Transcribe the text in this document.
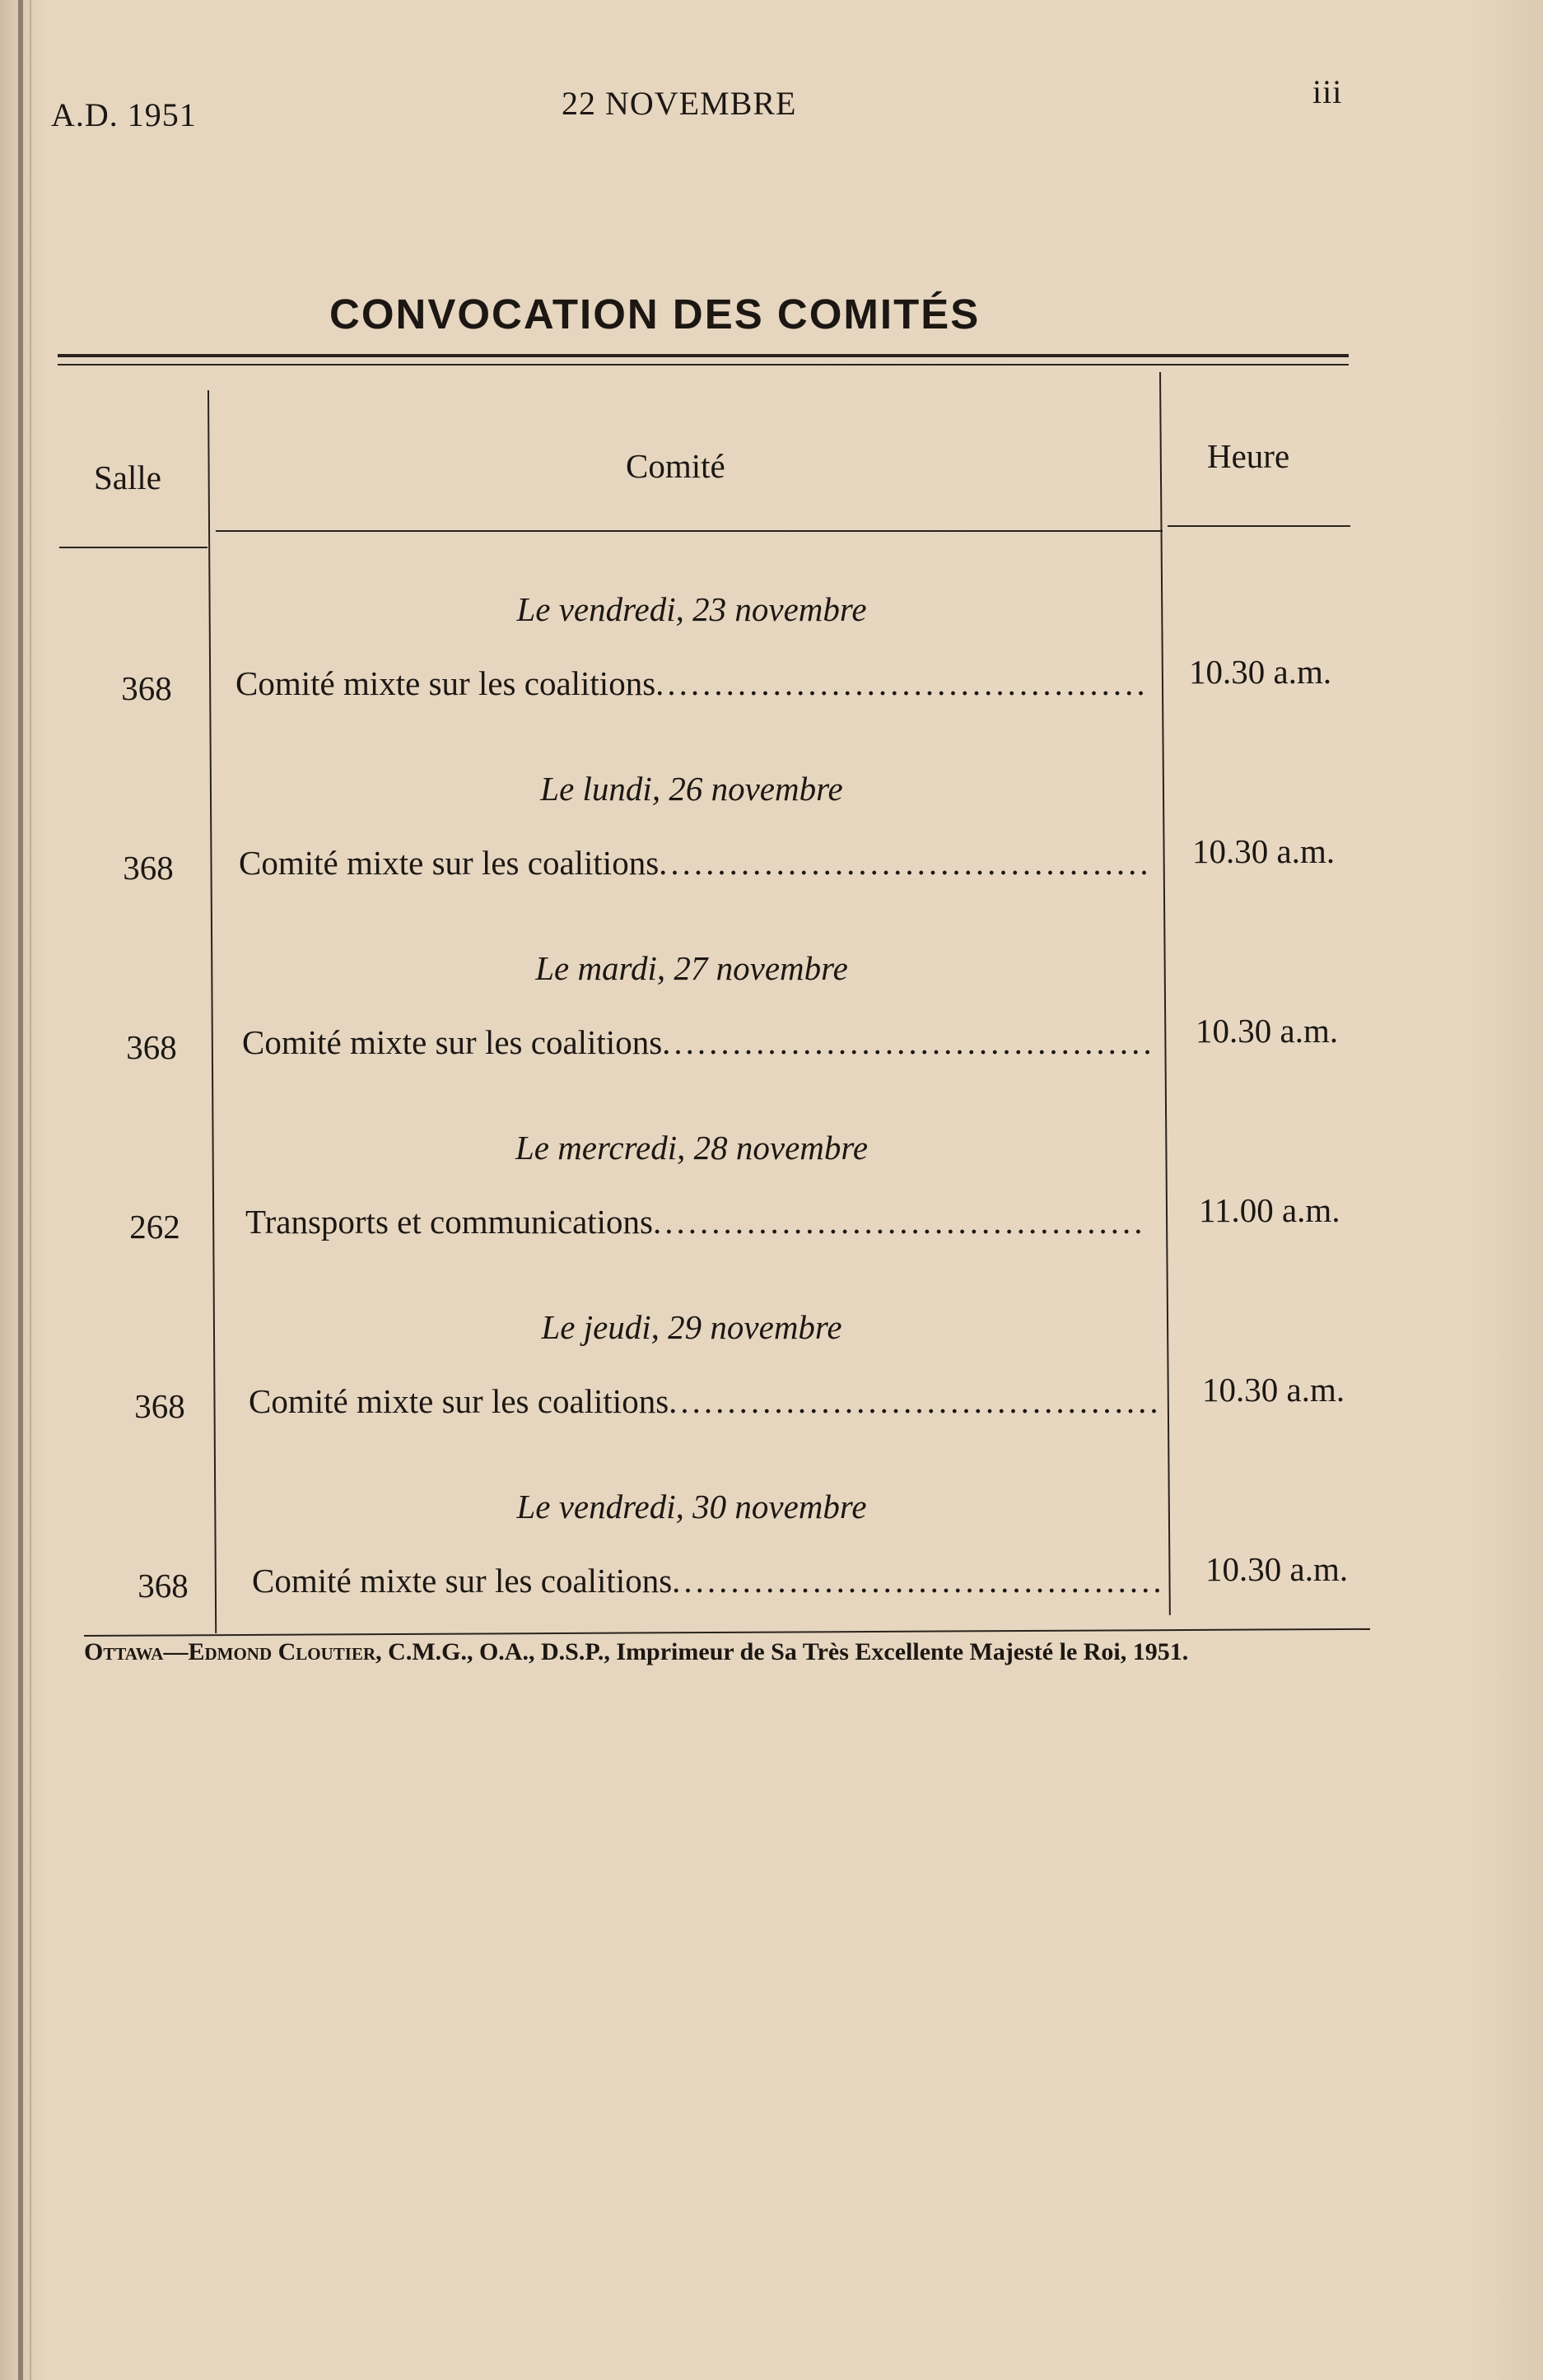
A.D. 1951	22 NOVEMBRE	iii
CONVOCATION DES COMITÉS
Salle	Comité	Heure
Le vendredi, 23 novembre
368	Comité mixte sur les coalitions.......................................... 10.30 a.m.
Le lundi, 26 novembre
368	Comité mixte sur les coalitions.......................................... 10.30 a.m.
Le mardi, 27 novembre
368	Comité mixte sur les coalitions.......................................... 10.30 a.m.
Le mercredi, 28 novembre
262	Transports et communications..........................................	11.00 a.m.
Le jeudi, 29 novembre
368	Comité mixte sur les coalitions.......................................... 10.30 a.m.
Le vendredi, 30 novembre
368	Comité mixte sur les coalitions.......................................... 10.30 a.m.
Ottawa—Edmond Cloutier, C.M.G., O.A., D.S.P., Imprimeur de Sa Très Excellente Majesté le Roi, 1951.
